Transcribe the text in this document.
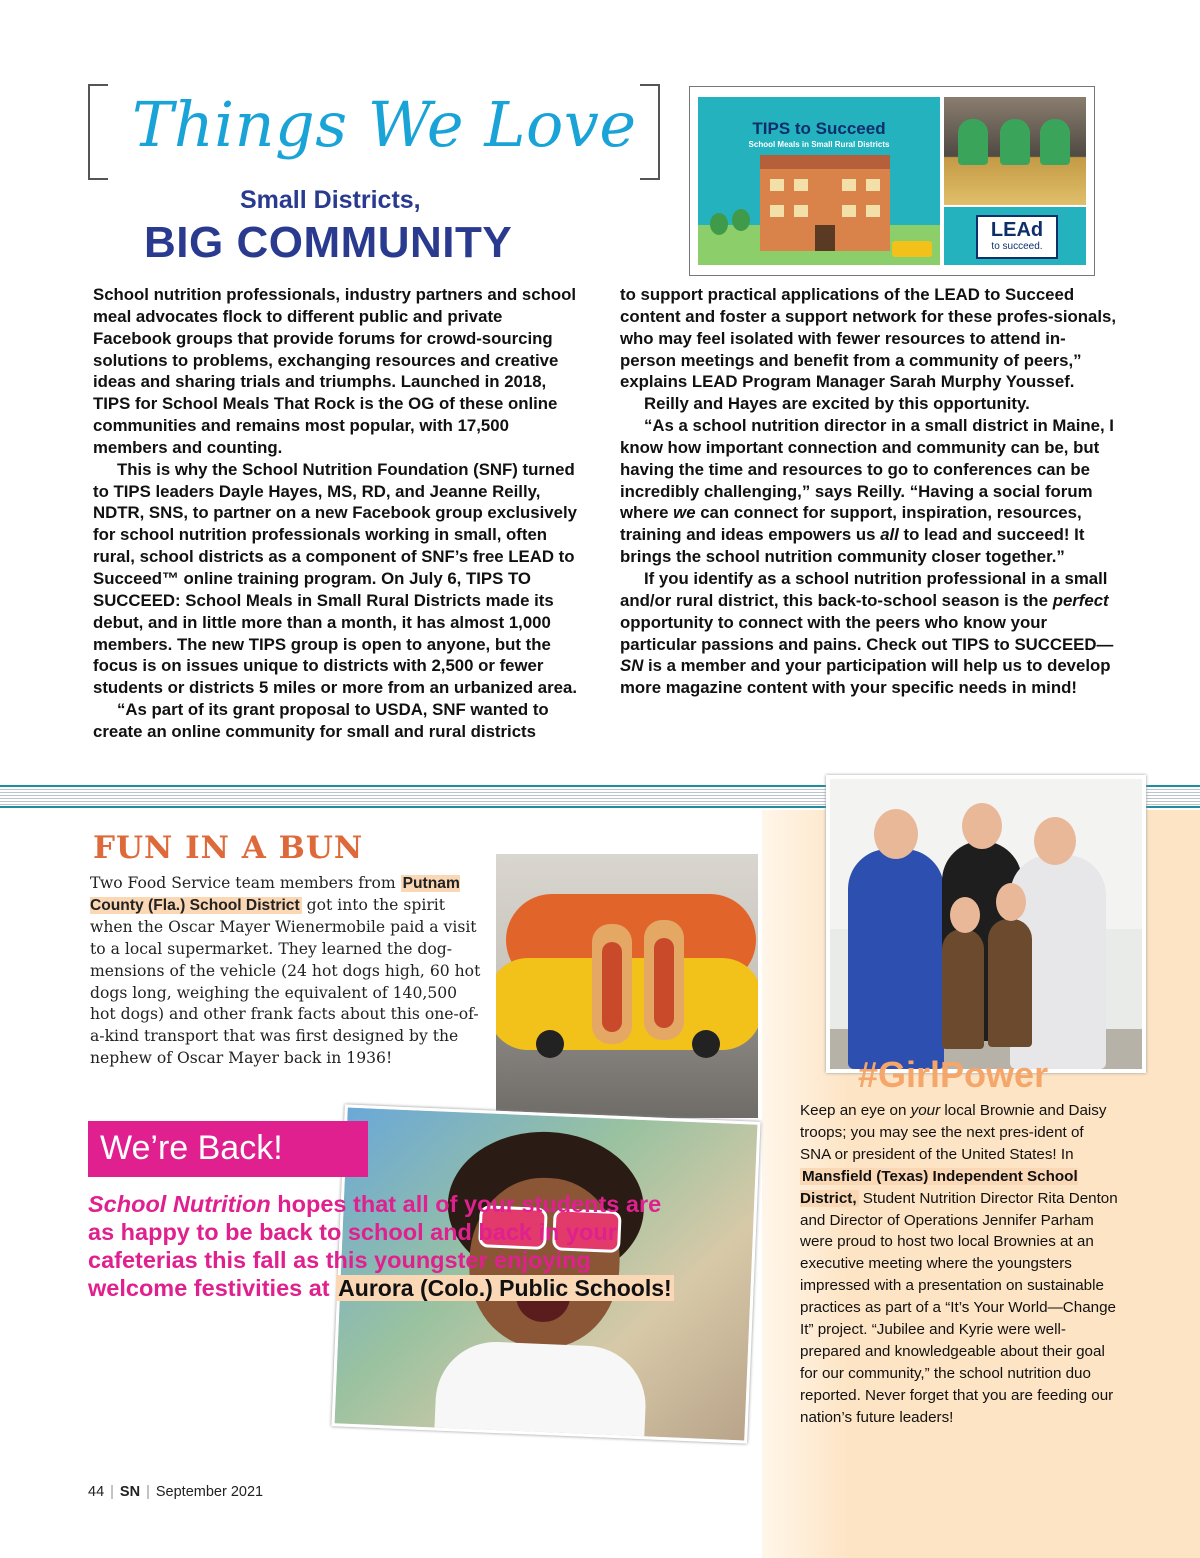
Things We Love
Small Districts,
BIG COMMUNITY
TIPS to Succeed
School Meals in Small Rural Districts
LEAd
to succeed.

School nutrition professionals, industry partners and school meal advocates flock to different public and private Facebook groups that provide forums for crowd-sourcing solutions to problems, exchanging resources and creative ideas and sharing trials and triumphs. Launched in 2018, TIPS for School Meals That Rock is the OG of these online communities and remains most popular, with 17,500 members and counting.

This is why the School Nutrition Foundation (SNF) turned to TIPS leaders Dayle Hayes, MS, RD, and Jeanne Reilly, NDTR, SNS, to partner on a new Facebook group exclusively for school nutrition professionals working in small, often rural, school districts as a component of SNF’s free LEAD to Succeed™ online training program. On July 6, TIPS TO SUCCEED: School Meals in Small Rural Districts made its debut, and in little more than a month, it has almost 1,000 members. The new TIPS group is open to anyone, but the focus is on issues unique to districts with 2,500 or fewer students or districts 5 miles or more from an urbanized area.

“As part of its grant proposal to USDA, SNF wanted to create an online community for small and rural districts

to support practical applications of the LEAD to Succeed content and foster a support network for these profes-sionals, who may feel isolated with fewer resources to attend in-person meetings and benefit from a community of peers,” explains LEAD Program Manager Sarah Murphy Youssef.

Reilly and Hayes are excited by this opportunity.

“As a school nutrition director in a small district in Maine, I know how important connection and community can be, but having the time and resources to go to conferences can be incredibly challenging,” says Reilly. “Having a social forum where we can connect for support, inspiration, resources, training and ideas empowers us all to lead and succeed! It brings the school nutrition community closer together.”

If you identify as a school nutrition professional in a small and/or rural district, this back-to-school season is the perfect opportunity to connect with the peers who know your particular passions and pains. Check out TIPS to SUCCEED—SN is a member and your participation will help us to develop more magazine content with your specific needs in mind!

#GirlPower

Keep an eye on your local Brownie and Daisy troops; you may see the next pres-ident of SNA or president of the United States! In Mansfield (Texas) Independent School District, Student Nutrition Director Rita Denton and Director of Operations Jennifer Parham were proud to host two local Brownies at an executive meeting where the youngsters impressed with a presentation on sustainable practices as part of a “It’s Your World—Change It” project. “Jubilee and Kyrie were well-prepared and knowledgeable about their goal for our community,” the school nutrition duo reported. Never forget that you are feeding our nation’s future leaders!

FUN IN A BUN

Two Food Service team members from Putnam County (Fla.) School District got into the spirit when the Oscar Mayer Wienermobile paid a visit to a local supermarket. They learned the dog-mensions of the vehicle (24 hot dogs high, 60 hot dogs long, weighing the equivalent of 140,500 hot dogs) and other frank facts about this one-of-a-kind transport that was first designed by the nephew of Oscar Mayer back in 1936!

We’re Back!

School Nutrition hopes that all of your students are as happy to be back to school and back in your cafeterias this fall as this youngster enjoying welcome festivities at Aurora (Colo.) Public Schools!

44 | SN | September 2021
